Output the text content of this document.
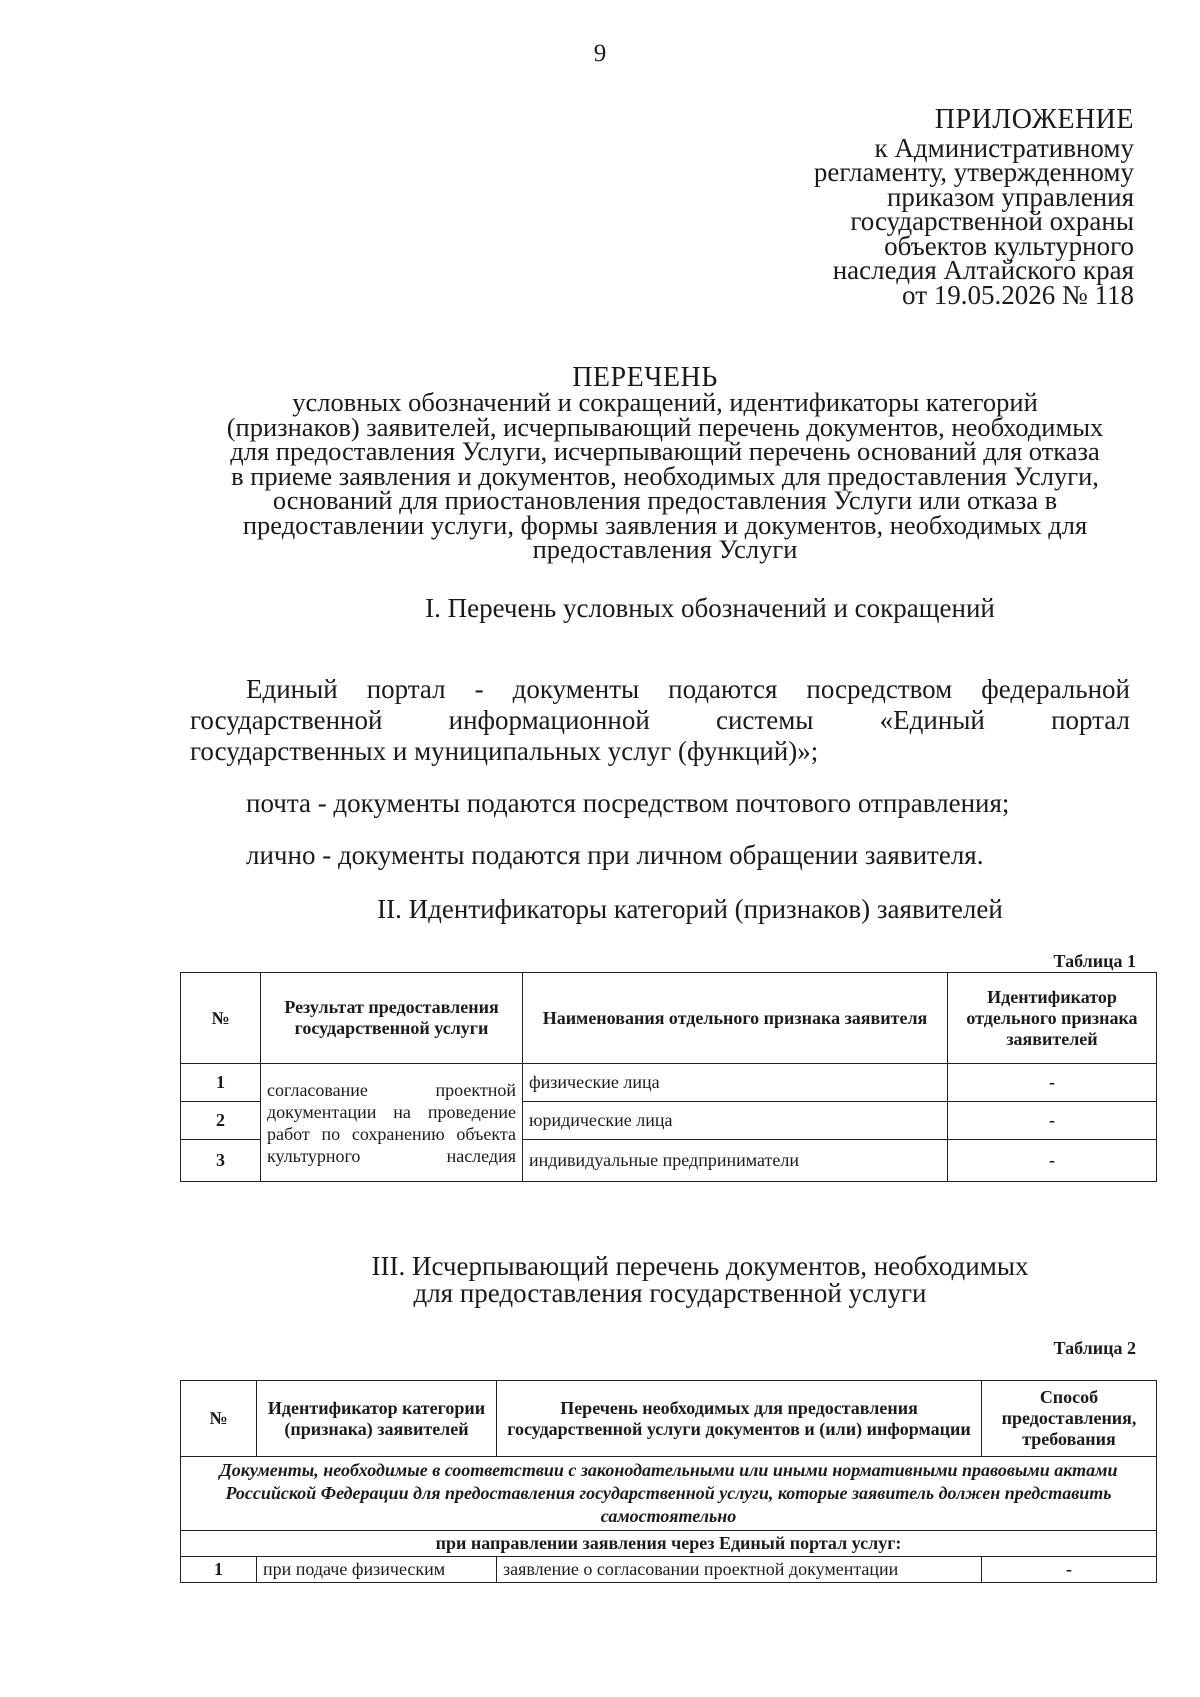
9
ПРИЛОЖЕНИЕ
к Административному
регламенту, утвержденному
приказом управления
государственной охраны
объектов культурного
наследия Алтайского края
от 19.05.2026 № 118
ПЕРЕЧЕНЬ
условных обозначений и сокращений, идентификаторы категорий
(признаков) заявителей, исчерпывающий перечень документов, необходимых
для предоставления Услуги, исчерпывающий перечень оснований для отказа
в приеме заявления и документов, необходимых для предоставления Услуги,
оснований для приостановления предоставления Услуги или отказа в
предоставлении услуги, формы заявления и документов, необходимых для
предоставления Услуги
I. Перечень условных обозначений и сокращений
Единый портал - документы подаются посредством федеральной
государственной информационной системы «Единый портал
государственных и муниципальных услуг (функций)»;
почта - документы подаются посредством почтового отправления;
лично - документы подаются при личном обращении заявителя.
II. Идентификаторы категорий (признаков) заявителей
Таблица 1
№	Результат предоставления государственной услуги	Наименования отдельного признака заявителя	Идентификатор отдельного признака заявителей
1	согласование проектной документации на проведение работ по сохранению объекта культурного наследия	физические лица	-
2		юридические лица	-
3		индивидуальные предприниматели	-
III. Исчерпывающий перечень документов, необходимых
для предоставления государственной услуги
Таблица 2
№	Идентификатор категории (признака) заявителей	Перечень необходимых для предоставления государственной услуги документов и (или) информации	Способ предоставления, требования
Документы, необходимые в соответствии с законодательными или иными нормативными правовыми актами Российской Федерации для предоставления государственной услуги, которые заявитель должен представить самостоятельно			
при направлении заявления через Единый портал услуг:			
1	при подаче физическим	заявление о согласовании проектной документации	-
